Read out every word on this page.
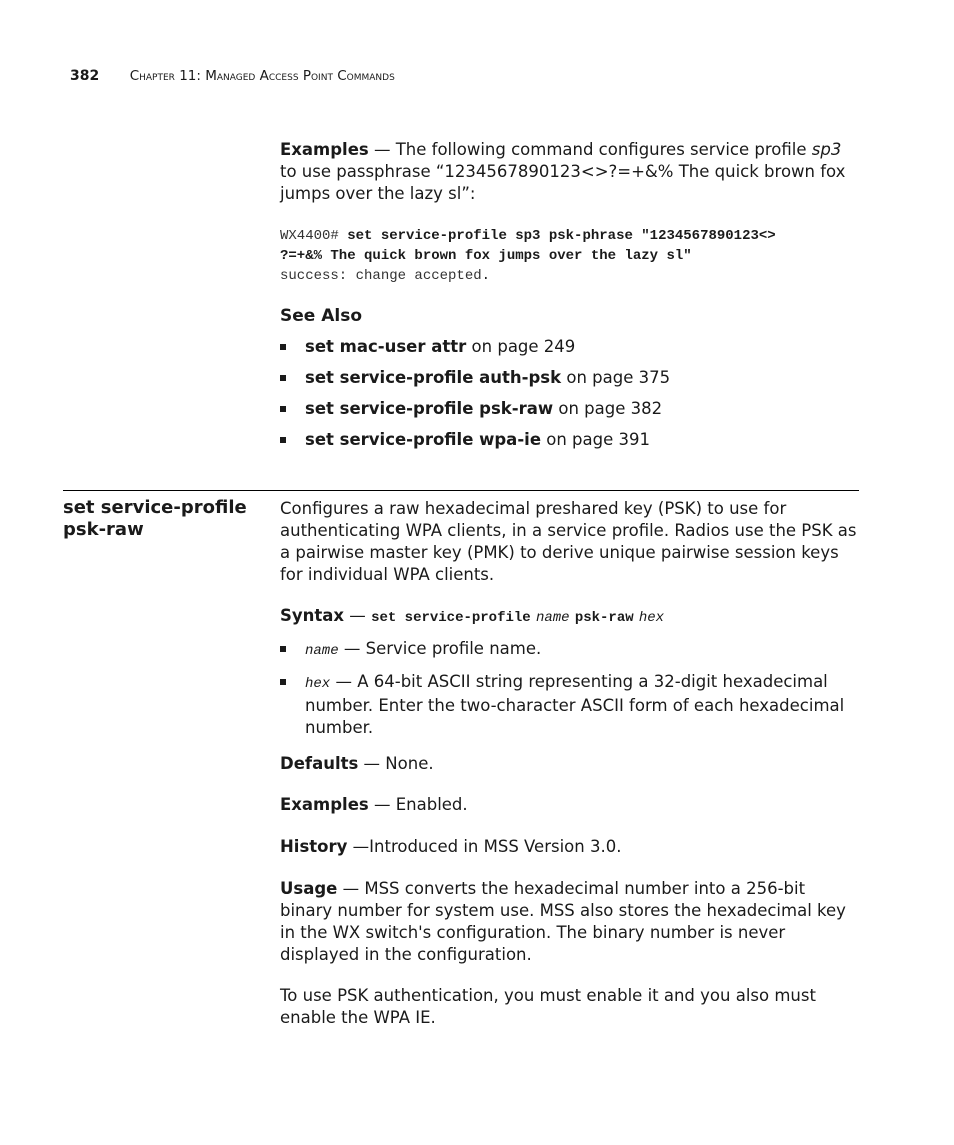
382 Chapter 11: Managed Access Point Commands

Examples — The following command configures service profile sp3 to use passphrase “1234567890123<>?=+&% The quick brown fox jumps over the lazy sl”:

WX4400# set service-profile sp3 psk-phrase "1234567890123<>
?=+&% The quick brown fox jumps over the lazy sl"
success: change accepted.
See Also
set mac-user attr on page 249
set service-profile auth-psk on page 375
set service-profile psk-raw on page 382
set service-profile wpa-ie on page 391
set service-profile
psk-raw

Configures a raw hexadecimal preshared key (PSK) to use for authenticating WPA clients, in a service profile. Radios use the PSK as a pairwise master key (PMK) to derive unique pairwise session keys for individual WPA clients.

Syntax — set service-profile name psk-raw hex

name — Service profile name.
hex — A 64-bit ASCII string representing a 32-digit hexadecimal number. Enter the two-character ASCII form of each hexadecimal number.

Defaults — None.

Examples — Enabled.

History —Introduced in MSS Version 3.0.

Usage — MSS converts the hexadecimal number into a 256-bit binary number for system use. MSS also stores the hexadecimal key in the WX switch's configuration. The binary number is never displayed in the configuration.

To use PSK authentication, you must enable it and you also must enable the WPA IE.
